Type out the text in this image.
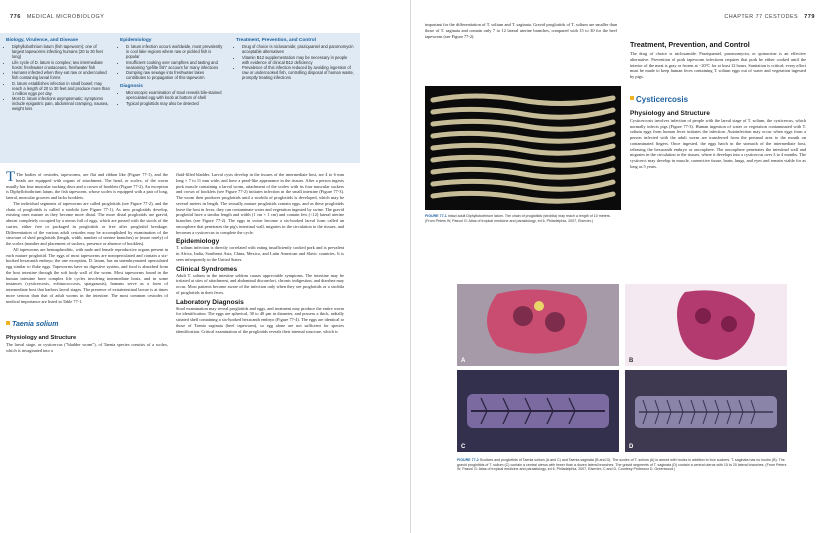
776 MEDICAL MICROBIOLOGY
Biology, Virulence, and Disease
• Diphyllobothrium latum (fish tapeworm): one of largest tapeworms infecting humans (20 to 30 feet long)
• Life cycle of D. latum is complex; two intermediate hosts: freshwater crustaceans, freshwater fish
• Humans infected when they eat raw or undercooked fish containing larval forms
• D. latum establishes infection in small bowel; may reach a length of 20 to 30 feet and produce more than 1 million eggs per day
• Most D. latum infections asymptomatic; symptoms include epigastric pain, abdominal cramping, nausea, weight loss
Epidemiology
• D. latum infection occurs worldwide, most prevalently in cool lake regions where raw or pickled fish is popular
• Insufficient cooking over campfires and tasting and seasoning "gefilte fish" account for many infections
• Dumping raw sewage into freshwater lakes contributes to propagation of this tapeworm
Diagnosis
• Microscopic examination of stool reveals bile-stained operculated egg with knob at bottom of shell
• Typical proglottids may also be detected
Treatment, Prevention, and Control
• Drug of choice is niclosamide; praziquantel and paromomycin acceptable alternatives
• Vitamin B12 supplementation may be necessary in people with evidence of clinical B12 deficiency
• Prevalence of this infection reduced by avoiding ingestion of raw or undercooked fish, controlling disposal of human waste, promptly treating infections

T The bodies of cestodes, tapeworms, are flat and ribbon like (Figure 77-1), and the heads are equipped with organs of attachment. The head, or scolex, of the worm usually has four muscular sucking discs and a crown of hooklets (Figure 77-2). An exception is Diphyllobothrium latum, the fish tapeworm, whose scolex is equipped with a pair of long, lateral, muscular grooves and lacks hooklets.

The individual segments of tapeworms are called proglottids (see Figure 77-2), and the chain of proglottids is called a strobila (see Figure 77-1). As new proglottids develop, existing ones mature as they become more distal. The more distal proglottids are gravid, almost completely occupied by a uterus full of eggs, which are passed with the stools of the carrier, either free or packaged in proglottids or free after proglottid breakage. Differentiation of the various adult cestodes may be accomplished by examination of the structure of shed proglottids (length, width, number of uterine branches) or (more rarely) of the scolex (number and placement of suckers, presence or absence of hooklets).

All tapeworms are hermaphroditic, with male and female reproductive organs present in each mature proglottid. The eggs of most tapeworms are nonoperculated and contain a six-hooked hexacanth embryo; the one exception, D. latum, has an unembryonated operculated egg similar to fluke eggs. Tapeworms have no digestive system, and food is absorbed from the host intestine through the soft body wall of the worm. Most tapeworms found in the human intestine have complex life cycles involving intermediate hosts, and in some instances (cysticercosis, echinococcosis, sparganosis), humans serve as a form of intermediate host that harbors larval stages. The presence of extraintestinal larvae is at times more serious than that of adult worms in the intestine. The most common cestodes of medical importance are listed in Table 77-1.

Taenia solium
Physiology and Structure

The larval stage, or cysticercus ("bladder worm"), of Taenia species consists of a scolex, which is invaginated into a

fluid-filled bladder. Larval cysts develop in the tissues of the intermediate host, are 4 to 6 mm long × 7 to 11 mm wide, and have a pearl-like appearance in the tissues. After a person ingests pork muscle containing a larval worm, attachment of the scolex with its four muscular suckers and crown of hooklets (see Figure 77-2) initiates infection in the small intestine (Figure 77-3). The worm then produces proglottids until a strobila of proglottids is developed, which may be several meters in length. The sexually mature proglottids contain eggs, and as these proglottids leave the host in feces, they can contaminate water and vegetation ingested by swine. The gravid proglottid have a similar length and width (1 cm × 1 cm) and contain few (<12) lateral uterine branches (see Figure 77-2). The eggs in swine become a six-hooked larval form called an oncosphere that penetrates the pig's intestinal wall, migrates in the circulation to the tissues, and becomes a cysticercus to complete the cycle.

Epidemiology

T. solium infection is directly correlated with eating insufficiently cooked pork and is prevalent in Africa, India, Southeast Asia, China, Mexico, and Latin American and Slavic countries. It is seen infrequently in the United States.

Clinical Syndromes

Adult T. solium in the intestine seldom causes appreciable symptoms. The intestine may be irritated at sites of attachment, and abdominal discomfort, chronic indigestion, and diarrhea may occur. Most patients become aware of the infection only when they see proglottids or a strobila of proglottids in their feces.

Laboratory Diagnosis

Stool examination may reveal proglottids and eggs, and treatment may produce the entire worm for identification. The eggs are spherical, 30 to 40 µm in diameter, and possess a thick, radially striated shell containing a six-hooked hexacanth embryo (Figure 77-4). The eggs are identical to those of Taenia saginata (beef tapeworm), so egg alone are not sufficient for species identification. Critical examination of the proglottids reveals their internal structure, which is

CHAPTER 77 CESTODES 779

important for the differentiation of T. solium and T. saginata. Gravid proglottids of T. solium are smaller than those of T. saginata and contain only 7 to 12 lateral uterine branches, compared with 15 to 30 for the beef tapeworm (see Figure 77-2).

FIGURE 77-1 Intact adult Diphyllobothrium latum. The chain of proglottids (strobila) may reach a length of 10 meters. (From Peters W, Pasvol G: Atlas of tropical medicine and parasitology, ed 6, Philadelphia, 2007, Elsevier.)
Treatment, Prevention, and Control

The drug of choice is niclosamide. Praziquantel, paromomycin, or quinacrine is an effective alternative. Prevention of pork tapeworm infections requires that pork be either cooked until the interior of the meat is gray or frozen at −20°C for at least 12 hours. Sanitation is critical; every effort must be made to keep human feces containing T. solium eggs out of water and vegetation ingested by pigs.

Cysticercosis
Physiology and Structure

Cysticercosis involves infection of people with the larval stage of T. solium, the cysticercus, which normally infects pigs (Figure 77-3). Human ingestion of water or vegetation contaminated with T. solium eggs from human feces initiates the infection. Autoinfection may occur when eggs from a person infected with the adult worm are transferred from the perianal area to the mouth on contaminated fingers. Once ingested, the eggs hatch in the stomach of the intermediate host, releasing the hexacanth embryo or oncosphere. The oncosphere penetrates the intestinal wall and migrates in the circulation to the tissues, where it develops into a cysticercus over 3 to 4 months. The cysticerci may develop in muscle, connective tissue, brain, lungs, and eyes and remain viable for as long as 5 years.

A	B
C	D
FIGURE 77-2 Scolices and proglottids of Taenia solium (A and C) and Taenia saginata (B and D). The scolex of T. solium (A) is armed with hooks in addition to four suckers. T. saginata has no hooks (B). The gravid proglottids of T. solium (C) contain a central uterus with fewer than a dozen lateral branches. The gravid segments of T. saginata (D) contain a central uterus with 15 to 20 lateral branches. (From Peters W, Pasvol G: Atlas of tropical medicine and parasitology, ed 6, Philadelphia, 2007, Elsevier; C and D, Courtesy Professor D. Greenwood.)
